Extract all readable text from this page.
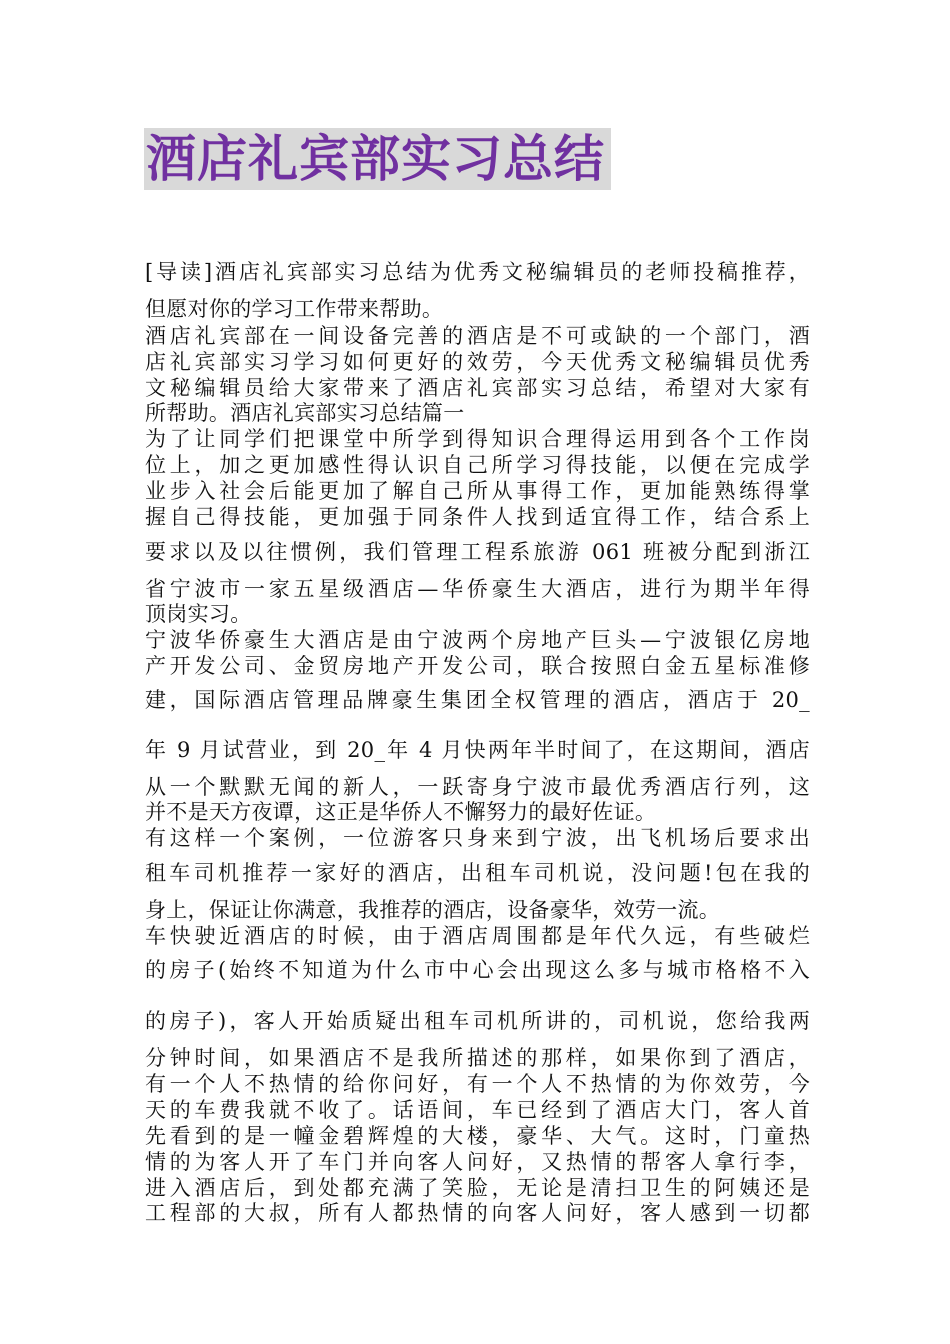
酒店礼宾部实习总结
[导读]酒店礼宾部实习总结为优秀文秘编辑员的老师投稿推荐，
但愿对你的学习工作带来帮助。
酒店礼宾部在一间设备完善的酒店是不可或缺的一个部门，酒
店礼宾部实习学习如何更好的效劳，今天优秀文秘编辑员优秀
文秘编辑员给大家带来了酒店礼宾部实习总结，希望对大家有
所帮助。酒店礼宾部实习总结篇一
为了让同学们把课堂中所学到得知识合理得运用到各个工作岗
位上，加之更加感性得认识自己所学习得技能，以便在完成学
业步入社会后能更加了解自己所从事得工作，更加能熟练得掌
握自己得技能，更加强于同条件人找到适宜得工作，结合系上
要求以及以往惯例，我们管理工程系旅游 061 班被分配到浙江
省宁波市一家五星级酒店—华侨豪生大酒店，进行为期半年得
顶岗实习。
宁波华侨豪生大酒店是由宁波两个房地产巨头—宁波银亿房地
产开发公司、金贸房地产开发公司，联合按照白金五星标准修
建，国际酒店管理品牌豪生集团全权管理的酒店，酒店于 20_
年 9 月试营业，到 20_年 4 月快两年半时间了，在这期间，酒店
从一个默默无闻的新人，一跃寄身宁波市最优秀酒店行列，这
并不是天方夜谭，这正是华侨人不懈努力的最好佐证。
有这样一个案例，一位游客只身来到宁波，出飞机场后要求出
租车司机推荐一家好的酒店，出租车司机说，没问题!包在我的
身上，保证让你满意，我推荐的酒店，设备豪华，效劳一流。
车快驶近酒店的时候，由于酒店周围都是年代久远，有些破烂
的房子(始终不知道为什么市中心会出现这么多与城市格格不入
的房子)，客人开始质疑出租车司机所讲的，司机说，您给我两
分钟时间，如果酒店不是我所描述的那样，如果你到了酒店，
有一个人不热情的给你问好，有一个人不热情的为你效劳，今
天的车费我就不收了。话语间，车已经到了酒店大门，客人首
先看到的是一幢金碧辉煌的大楼，豪华、大气。这时，门童热
情的为客人开了车门并向客人问好，又热情的帮客人拿行李，
进入酒店后，到处都充满了笑脸，无论是清扫卫生的阿姨还是
工程部的大叔，所有人都热情的向客人问好，客人感到一切都
